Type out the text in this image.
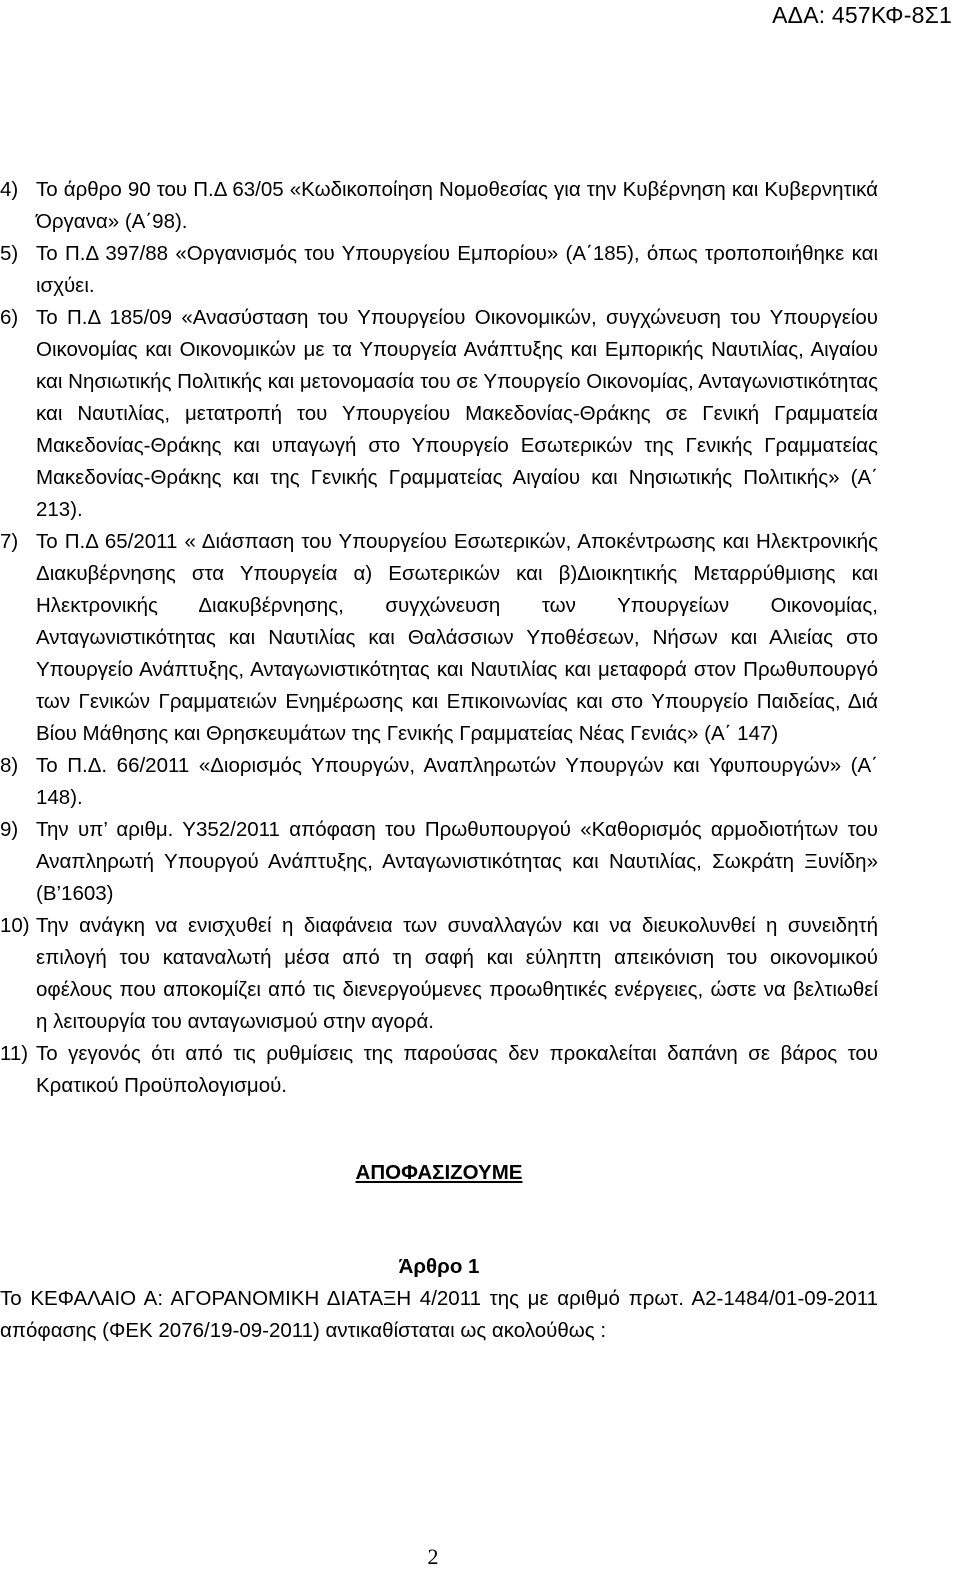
ΑΔΑ: 457ΚΦ-8Σ1
4) Το άρθρο 90 του Π.Δ 63/05 «Κωδικοποίηση Νομοθεσίας για την Κυβέρνηση και Κυβερνητικά Όργανα» (Α΄98).
5) Το Π.Δ 397/88 «Οργανισμός του Υπουργείου Εμπορίου» (Α΄185), όπως τροποποιήθηκε και ισχύει.
6) Το Π.Δ 185/09 «Ανασύσταση του Υπουργείου Οικονομικών, συγχώνευση του Υπουργείου Οικονομίας και Οικονομικών με τα Υπουργεία Ανάπτυξης και Εμπορικής Ναυτιλίας, Αιγαίου και Νησιωτικής Πολιτικής και μετονομασία του σε Υπουργείο Οικονομίας, Ανταγωνιστικότητας και Ναυτιλίας, μετατροπή του Υπουργείου Μακεδονίας-Θράκης σε Γενική Γραμματεία Μακεδονίας-Θράκης και υπαγωγή στο Υπουργείο Εσωτερικών της Γενικής Γραμματείας Μακεδονίας-Θράκης και της Γενικής Γραμματείας Αιγαίου και Νησιωτικής Πολιτικής» (Α΄ 213).
7) Το Π.Δ 65/2011 « Διάσπαση του Υπουργείου Εσωτερικών, Αποκέντρωσης και Ηλεκτρονικής Διακυβέρνησης στα Υπουργεία α) Εσωτερικών και β)Διοικητικής Μεταρρύθμισης και Ηλεκτρονικής Διακυβέρνησης, συγχώνευση των Υπουργείων Οικονομίας, Ανταγωνιστικότητας και Ναυτιλίας και Θαλάσσιων Υποθέσεων, Νήσων και Αλιείας στο Υπουργείο Ανάπτυξης, Ανταγωνιστικότητας και Ναυτιλίας και μεταφορά στον Πρωθυπουργό των Γενικών Γραμματειών Ενημέρωσης και Επικοινωνίας και στο Υπουργείο Παιδείας, Διά Βίου Μάθησης και Θρησκευμάτων της Γενικής Γραμματείας Νέας Γενιάς» (Α΄ 147)
8) Το Π.Δ. 66/2011 «Διορισμός Υπουργών, Αναπληρωτών Υπουργών και Υφυπουργών» (Α΄ 148).
9) Την υπ’ αριθμ. Υ352/2011 απόφαση του Πρωθυπουργού «Καθορισμός αρμοδιοτήτων του Αναπληρωτή Υπουργού Ανάπτυξης, Ανταγωνιστικότητας και Ναυτιλίας, Σωκράτη Ξυνίδη» (Β’1603)
10) Την ανάγκη να ενισχυθεί η διαφάνεια των συναλλαγών και να διευκολυνθεί η συνειδητή επιλογή του καταναλωτή μέσα από τη σαφή και εύληπτη απεικόνιση του οικονομικού οφέλους που αποκομίζει από τις διενεργούμενες προωθητικές ενέργειες, ώστε να βελτιωθεί η λειτουργία του ανταγωνισμού στην αγορά.
11) Το γεγονός ότι από τις ρυθμίσεις της παρούσας δεν προκαλείται δαπάνη σε βάρος του Κρατικού Προϋπολογισμού.
ΑΠΟΦΑΣΙΖΟΥΜΕ
Άρθρο 1

Το ΚΕΦΑΛΑΙΟ Α: ΑΓΟΡΑΝΟΜΙΚΗ ΔΙΑΤΑΞΗ 4/2011 της με αριθμό πρωτ. Α2-1484/01-09-2011 απόφασης (ΦΕΚ 2076/19-09-2011) αντικαθίσταται ως ακολούθως :

2
